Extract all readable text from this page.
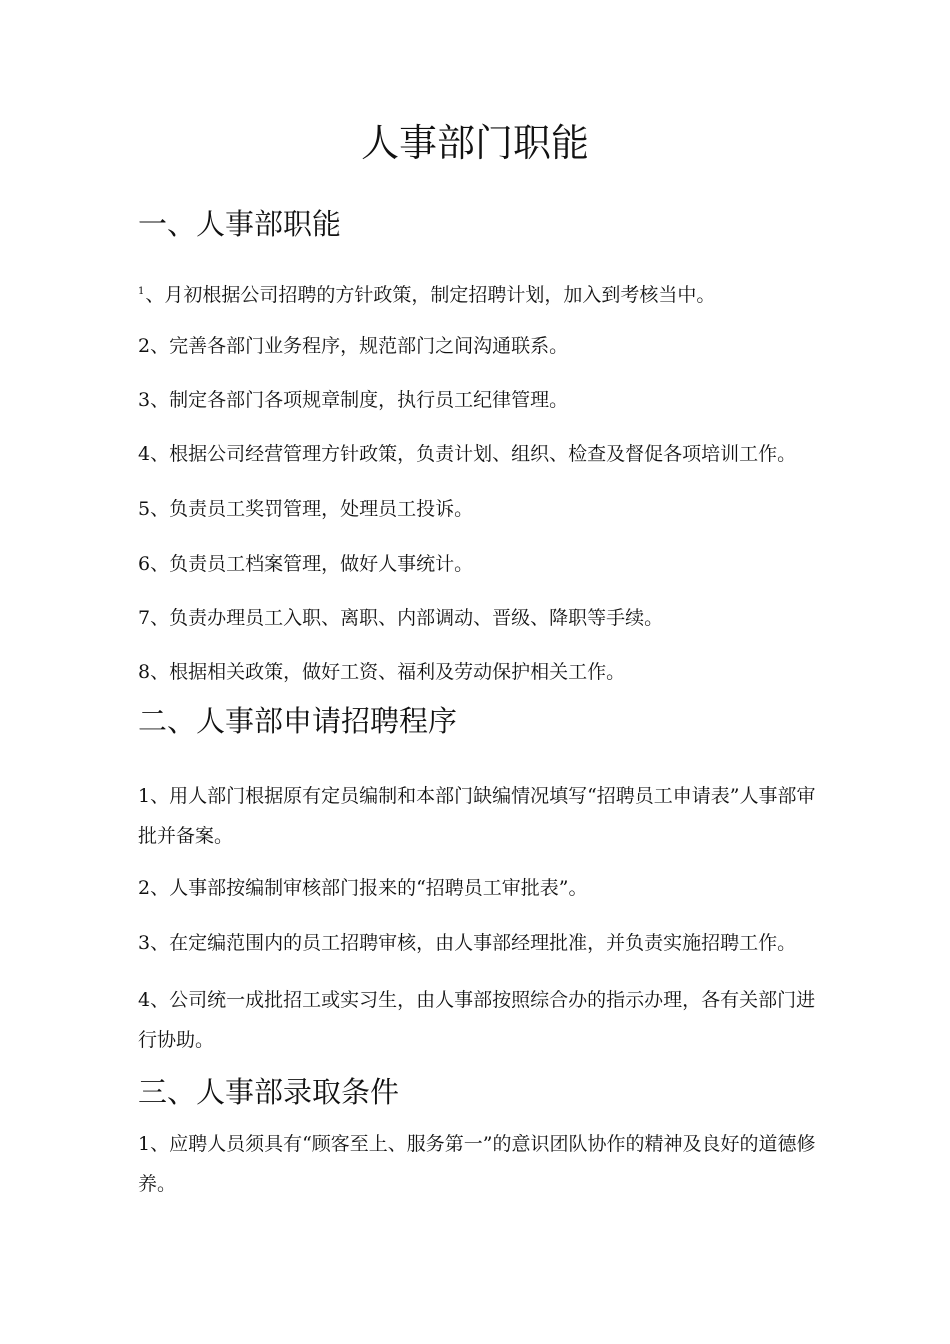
人事部门职能
一、人事部职能

$^1$、月初根据公司招聘的方针政策，制定招聘计划，加入到考核当中。

2、完善各部门业务程序，规范部门之间沟通联系。

3、制定各部门各项规章制度，执行员工纪律管理。

4、根据公司经营管理方针政策，负责计划、组织、检查及督促各项培训工作。

5、负责员工奖罚管理，处理员工投诉。

6、负责员工档案管理，做好人事统计。

7、负责办理员工入职、离职、内部调动、晋级、降职等手续。

8、根据相关政策，做好工资、福利及劳动保护相关工作。

二、人事部申请招聘程序

1、用人部门根据原有定员编制和本部门缺编情况填写“招聘员工申请表”人事部审批并备案。

2、人事部按编制审核部门报来的“招聘员工审批表”。

3、在定编范围内的员工招聘审核，由人事部经理批准，并负责实施招聘工作。

4、公司统一成批招工或实习生，由人事部按照综合办的指示办理，各有关部门进行协助。

三、人事部录取条件

1、应聘人员须具有“顾客至上、服务第一”的意识团队协作的精神及良好的道德修养。
